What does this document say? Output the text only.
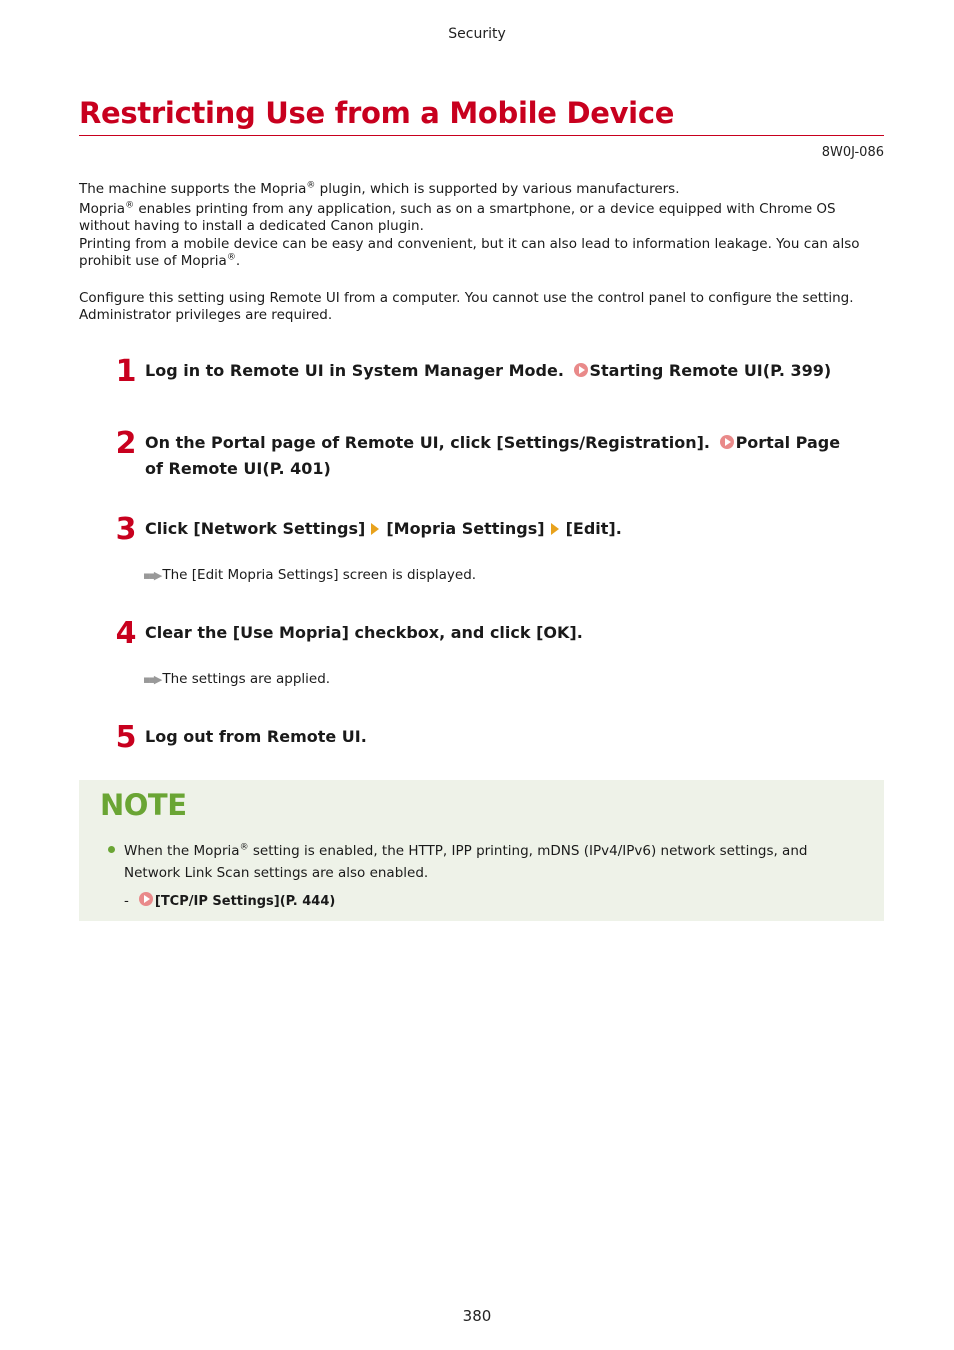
Security
Restricting Use from a Mobile Device
8W0J-086

The machine supports the Mopria® plugin, which is supported by various manufacturers.

Mopria® enables printing from any application, such as on a smartphone, or a device equipped with Chrome OS without having to install a dedicated Canon plugin.

Printing from a mobile device can be easy and convenient, but it can also lead to information leakage. You can also prohibit use of Mopria®.

Configure this setting using Remote UI from a computer. You cannot use the control panel to configure the setting. Administrator privileges are required.
1 Log in to Remote UI in System Manager Mode. Starting Remote UI(P. 399)
2 On the Portal page of Remote UI, click [Settings/Registration]. Portal Page of Remote UI(P. 401)
3 Click [Network Settings] [Mopria Settings] [Edit].
▪▪▶ The [Edit Mopria Settings] screen is displayed.
4 Clear the [Use Mopria] checkbox, and click [OK].
▪▪▶ The settings are applied.
5 Log out from Remote UI.
NOTE
When the Mopria® setting is enabled, the HTTP, IPP printing, mDNS (IPv4/IPv6) network settings, and Network Link Scan settings are also enabled.
- [TCP/IP Settings](P. 444)
380
